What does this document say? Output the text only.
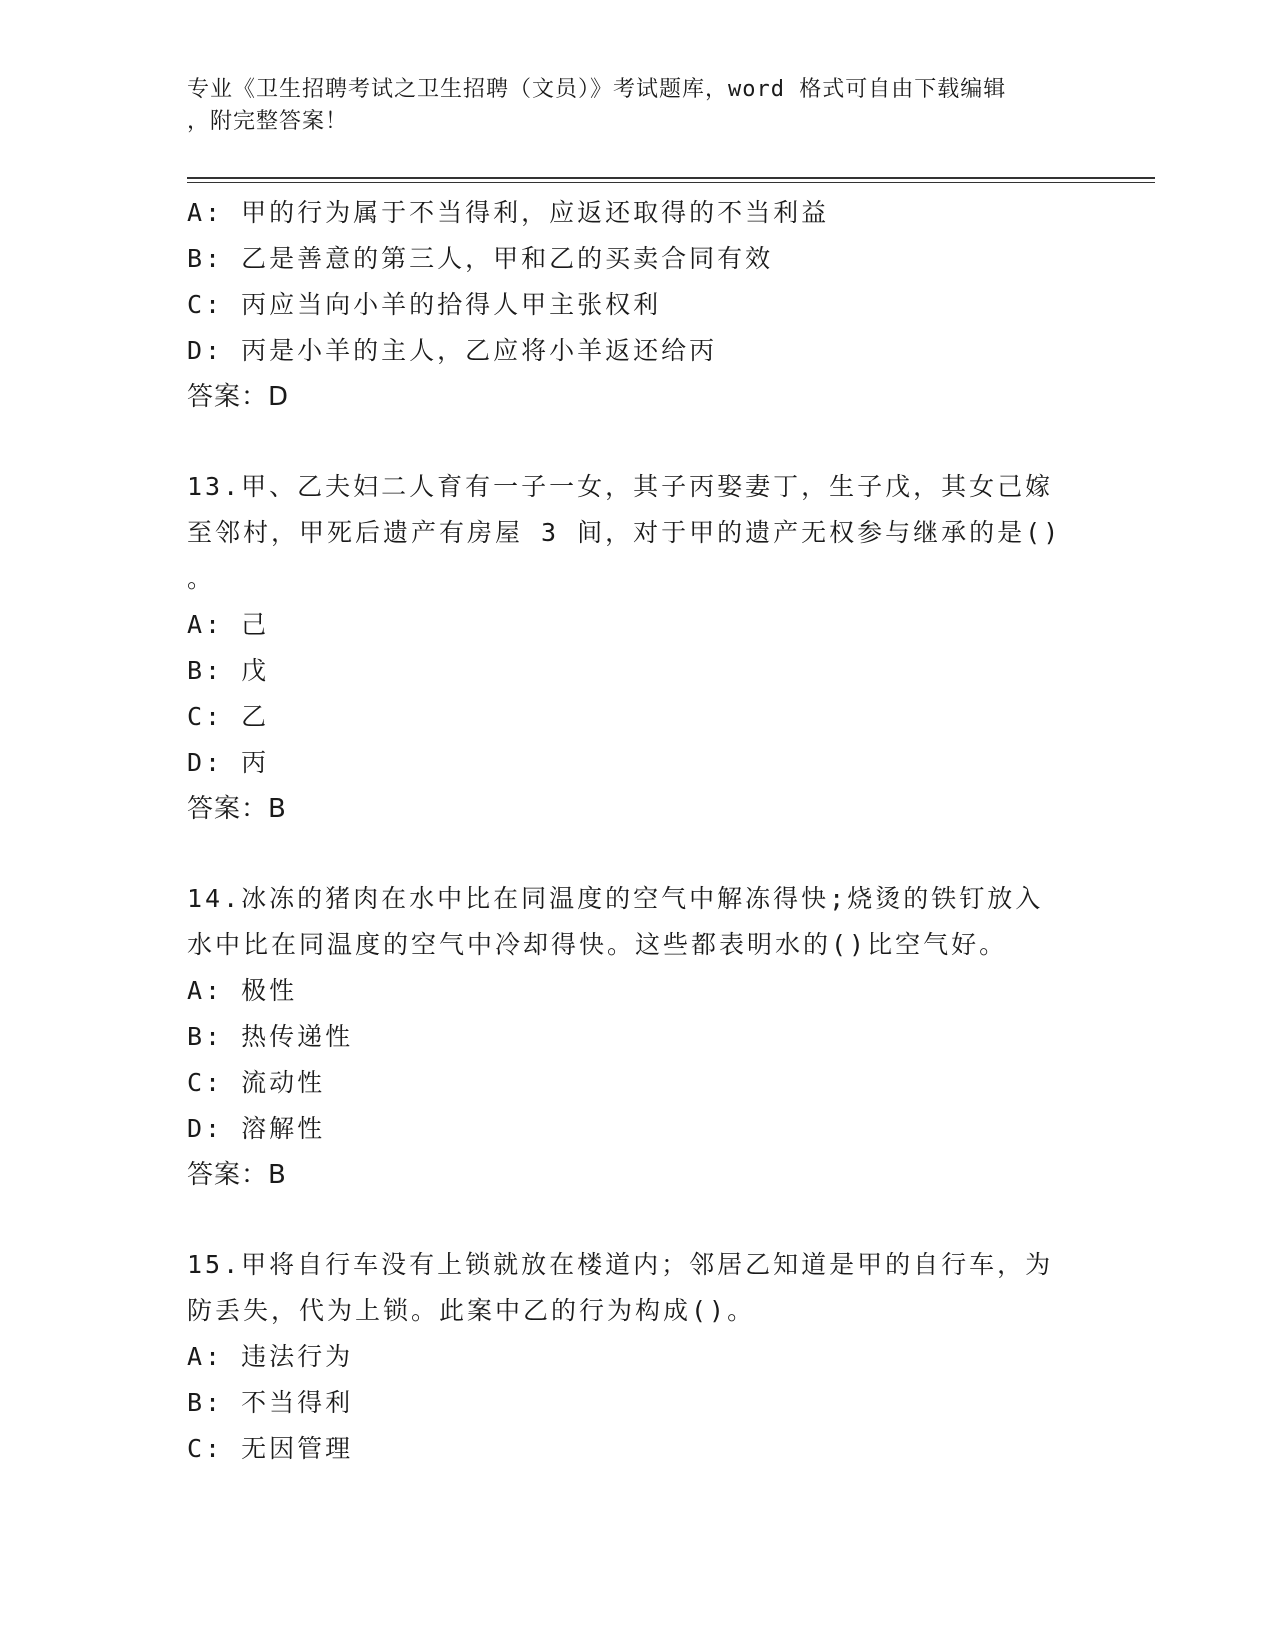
专业《卫生招聘考试之卫生招聘（文员）》考试题库，word 格式可自由下载编辑
，附完整答案！
A: 甲的行为属于不当得利，应返还取得的不当利益
B: 乙是善意的第三人，甲和乙的买卖合同有效
C: 丙应当向小羊的拾得人甲主张权利
D: 丙是小羊的主人，乙应将小羊返还给丙
答案：D
13.甲、乙夫妇二人育有一子一女，其子丙娶妻丁，生子戊，其女己嫁
至邻村，甲死后遗产有房屋 3 间，对于甲的遗产无权参与继承的是()
。
A: 己
B: 戊
C: 乙
D: 丙
答案：B
14.冰冻的猪肉在水中比在同温度的空气中解冻得快;烧烫的铁钉放入
水中比在同温度的空气中冷却得快。这些都表明水的()比空气好。
A: 极性
B: 热传递性
C: 流动性
D: 溶解性
答案：B
15.甲将自行车没有上锁就放在楼道内；邻居乙知道是甲的自行车，为
防丢失，代为上锁。此案中乙的行为构成()。
A: 违法行为
B: 不当得利
C: 无因管理
